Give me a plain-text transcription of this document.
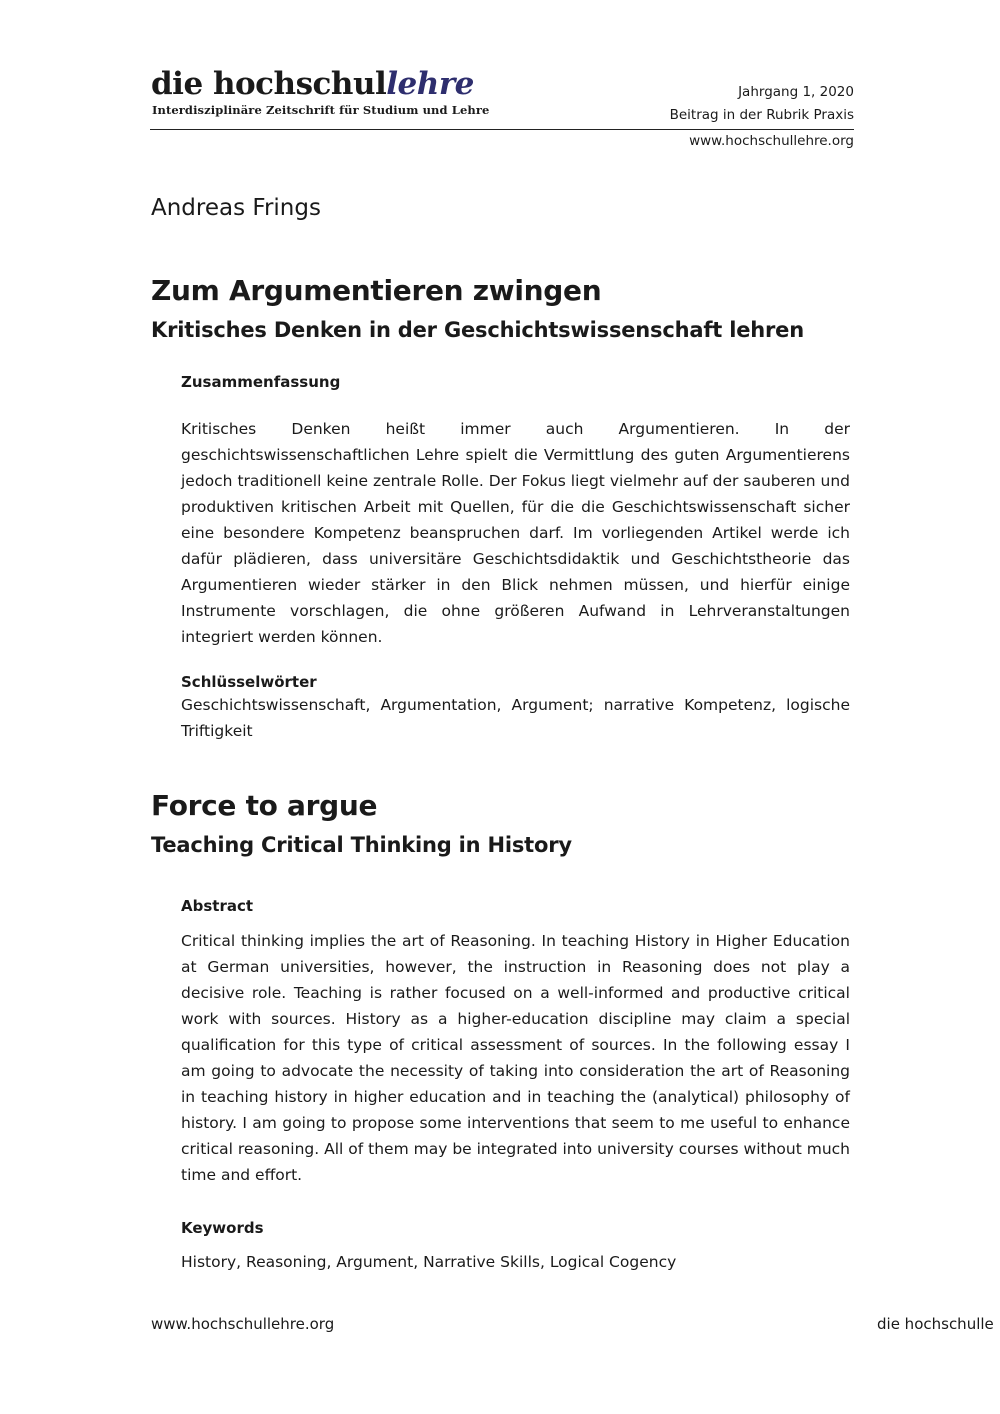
die hochschullehre
Interdisziplinäre Zeitschrift für Studium und Lehre
Jahrgang 1, 2020
Beitrag in der Rubrik Praxis
www.hochschullehre.org
Andreas Frings
Zum Argumentieren zwingen
Kritisches Denken in der Geschichtswissenschaft lehren
Zusammenfassung

Kritisches Denken heißt immer auch Argumentieren. In der geschichtswissenschaftlichen Lehre spielt die Vermittlung des guten Argumentierens jedoch traditionell keine zentrale Rolle. Der Fokus liegt vielmehr auf der sauberen und produktiven kritischen Arbeit mit Quellen, für die die Geschichtswissenschaft sicher eine besondere Kompetenz beanspruchen darf. Im vorliegenden Artikel werde ich dafür plädieren, dass universitäre Geschichtsdidaktik und Geschichtstheorie das Argumentieren wieder stärker in den Blick nehmen müssen, und hierfür einige Instrumente vorschlagen, die ohne größeren Aufwand in Lehrveranstaltungen integriert werden können.

Schlüsselwörter

Geschichtswissenschaft, Argumentation, Argument; narrative Kompetenz, logische Triftigkeit

Force to argue
Teaching Critical Thinking in History
Abstract

Critical thinking implies the art of Reasoning. In teaching History in Higher Education at German universities, however, the instruction in Reasoning does not play a decisive role. Teaching is rather focused on a well-informed and productive critical work with sources. History as a higher-education discipline may claim a special qualification for this type of critical assessment of sources. In the following essay I am going to advocate the necessity of taking into consideration the art of Reasoning in teaching history in higher education and in teaching the (analytical) philosophy of history. I am going to propose some interventions that seem to me useful to enhance critical reasoning. All of them may be integrated into university courses without much time and effort.

Keywords

History, Reasoning, Argument, Narrative Skills, Logical Cogency

www.hochschullehre.org	die hochschulle
